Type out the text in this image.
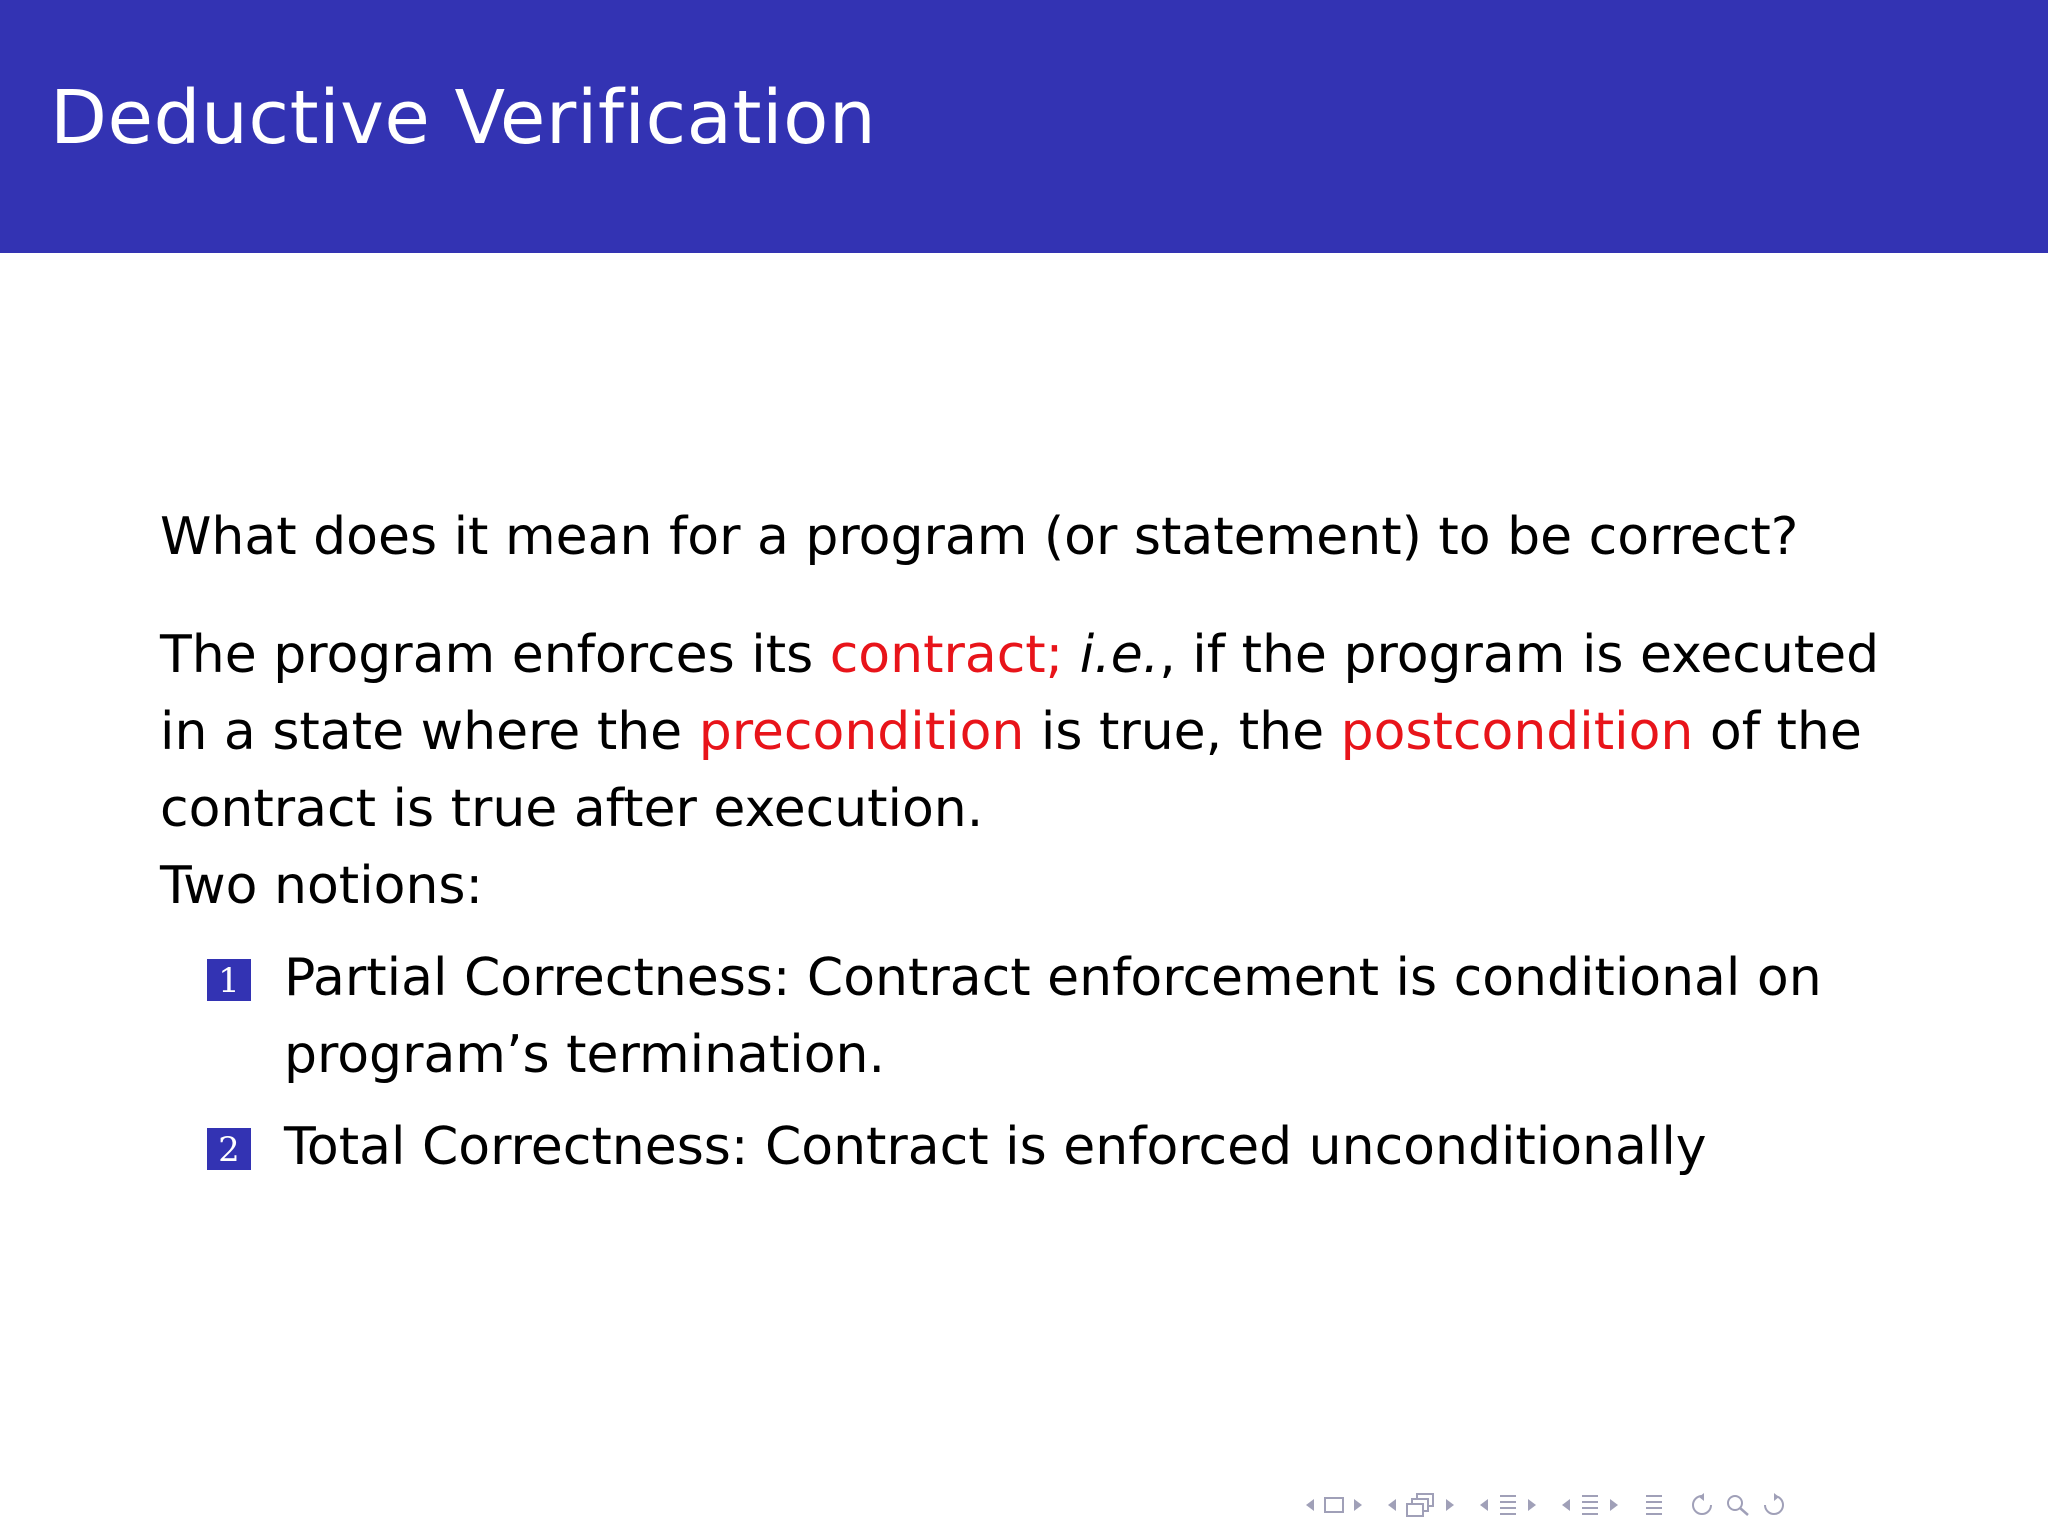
Deductive Verification

What does it mean for a program (or statement) to be correct?

The program enforces its contract; i.e., if the program is executed

in a state where the precondition is true, the postcondition of the

contract is true after execution.

Two notions:

1 Partial Correctness: Contract enforcement is conditional on
program’s termination.
2 Total Correctness: Contract is enforced unconditionally
